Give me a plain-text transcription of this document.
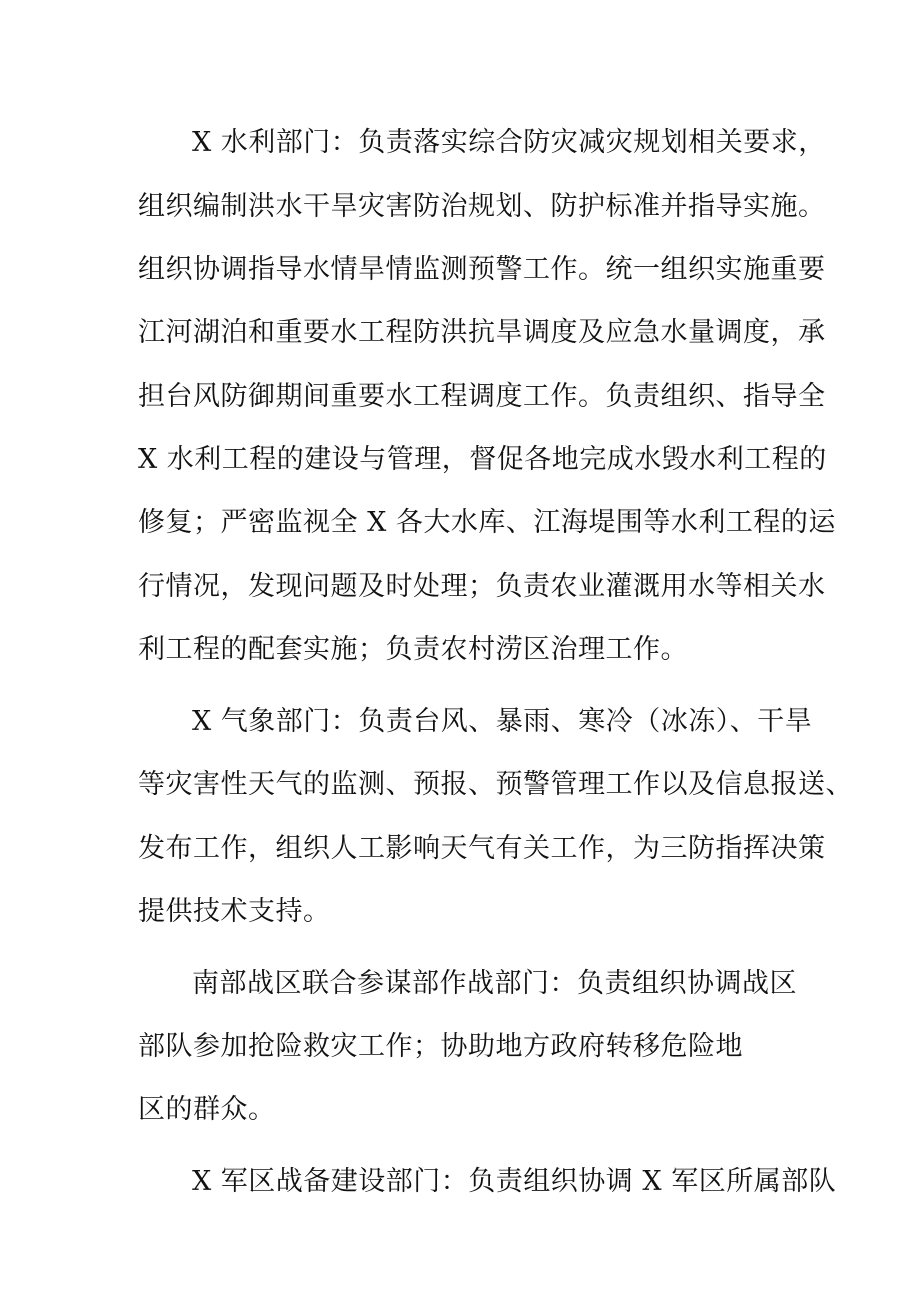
X 水利部门：负责落实综合防灾减灾规划相关要求，
组织编制洪水干旱灾害防治规划、防护标准并指导实施。
组织协调指导水情旱情监测预警工作。统一组织实施重要
江河湖泊和重要水工程防洪抗旱调度及应急水量调度，承
担台风防御期间重要水工程调度工作。负责组织、指导全
X 水利工程的建设与管理，督促各地完成水毁水利工程的
修复；严密监视全 X 各大水库、江海堤围等水利工程的运
行情况，发现问题及时处理；负责农业灌溉用水等相关水
利工程的配套实施；负责农村涝区治理工作。
X 气象部门：负责台风、暴雨、寒冷（冰冻）、干旱
等灾害性天气的监测、预报、预警管理工作以及信息报送、
发布工作，组织人工影响天气有关工作，为三防指挥决策
提供技术支持。
南部战区联合参谋部作战部门：负责组织协调战区
部队参加抢险救灾工作；协助地方政府转移危险地
区的群众。
X 军区战备建设部门：负责组织协调 X 军区所属部队
